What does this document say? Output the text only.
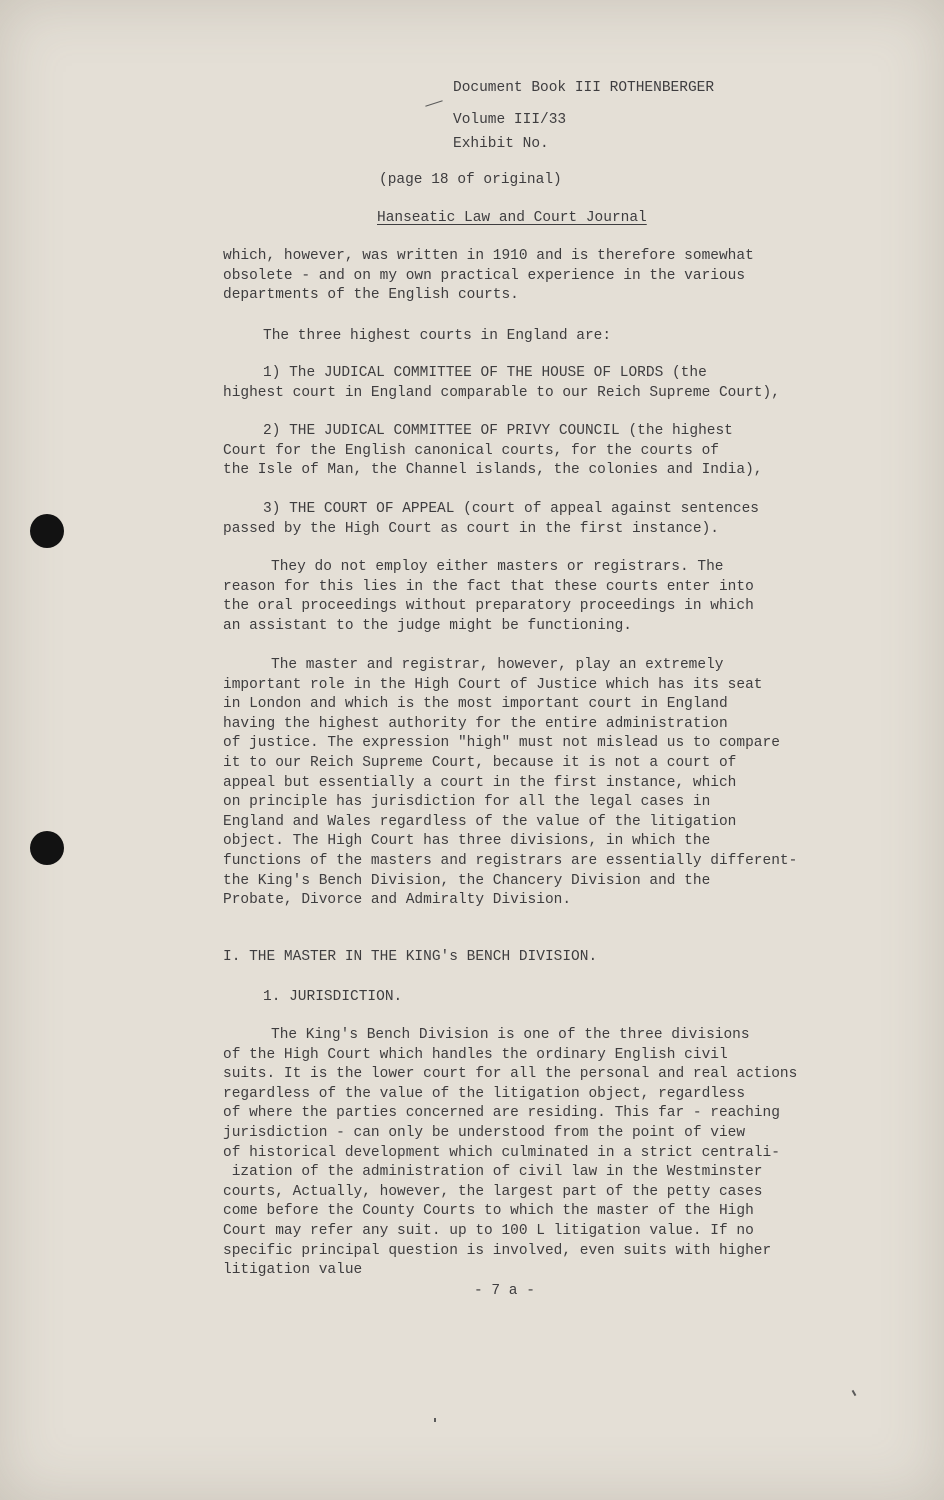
Document Book III ROTHENBERGER
Volume III/33
Exhibit No.
(page 18 of original)
Hanseatic Law and Court Journal
which, however, was written in 1910 and is therefore somewhat
obsolete - and on my own practical experience in the various
departments of the English courts.
The three highest courts in England are:
1) The JUDICAL COMMITTEE OF THE HOUSE OF LORDS (the
highest court in England comparable to our Reich Supreme Court),
2) THE JUDICAL COMMITTEE OF PRIVY COUNCIL (the highest
Court for the English canonical courts, for the courts of
the Isle of Man, the Channel islands, the colonies and India),
3) THE COURT OF APPEAL (court of appeal against sentences
passed by the High Court as court in the first instance).
They do not employ either masters or registrars. The
reason for this lies in the fact that these courts enter into
the oral proceedings without preparatory proceedings in which
an assistant to the judge might be functioning.
The master and registrar, however, play an extremely
important role in the High Court of Justice which has its seat
in London and which is the most important court in England
having the highest authority for the entire administration
of justice. The expression "high" must not mislead us to compare
it to our Reich Supreme Court, because it is not a court of
appeal but essentially a court in the first instance, which
on principle has jurisdiction for all the legal cases in
England and Wales regardless of the value of the litigation
object. The High Court has three divisions, in which the
functions of the masters and registrars are essentially different-
the King's Bench Division, the Chancery Division and the
Probate, Divorce and Admiralty Division.
I. THE MASTER IN THE KING's BENCH DIVISION.
1. JURISDICTION.
The King's Bench Division is one of the three divisions
of the High Court which handles the ordinary English civil
suits. It is the lower court for all the personal and real actions
regardless of the value of the litigation object, regardless
of where the parties concerned are residing. This far - reaching
jurisdiction - can only be understood from the point of view
of historical development which culminated in a strict centrali-
ization of the administration of civil law in the Westminster
courts, Actually, however, the largest part of the petty cases
come before the County Courts to which the master of the High
Court may refer any suit. up to 100 L litigation value. If no
specific principal question is involved, even suits with higher
litigation value
- 7 a -
